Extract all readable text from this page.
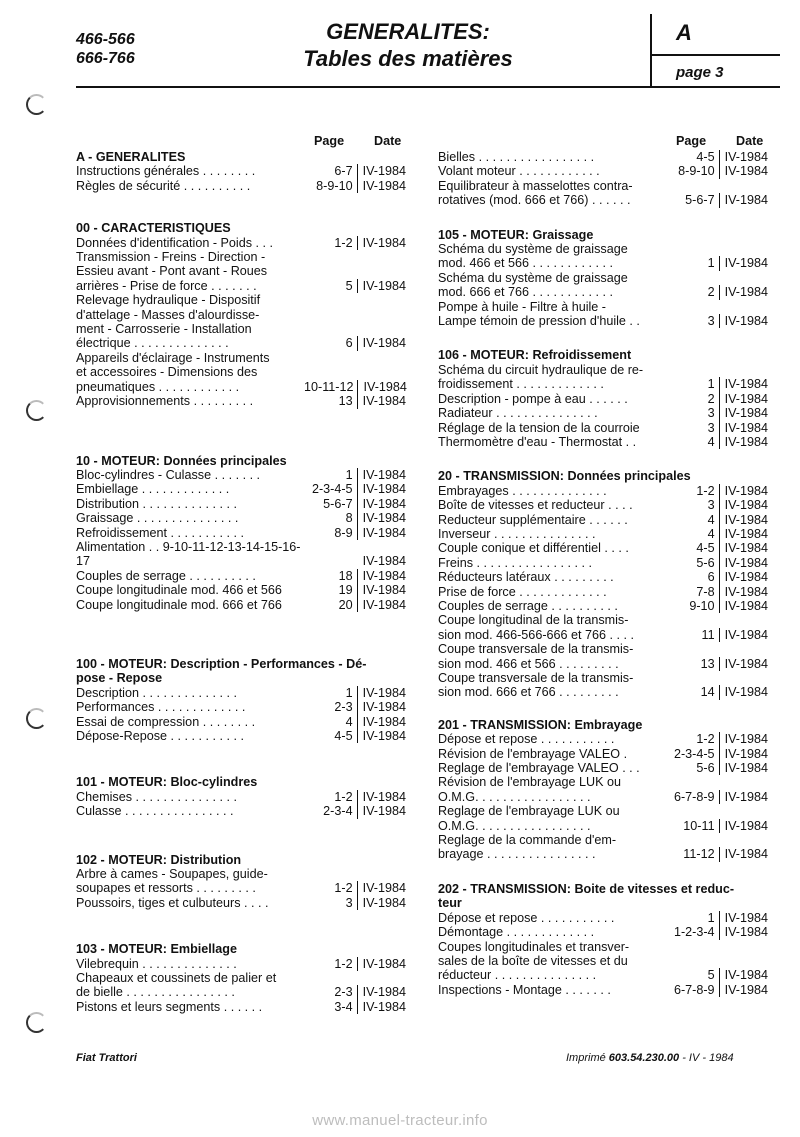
466-566
666-766
GENERALITES:
Tables des matières
A
page 3
Page Date
A - GENERALITES
Instructions générales . . . . . . . .	6-7 IV-1984
Règles de sécurité . . . . . . . . . .	8-9-10 IV-1984
00 - CARACTERISTIQUES
Données d'identification - Poids . . .	1-2 IV-1984
Transmission - Freins - Direction -
Essieu avant - Pont avant - Roues
arrières - Prise de force . . . . . . .	5 IV-1984
Relevage hydraulique - Dispositif
d'attelage - Masses d'alourdisse-
ment - Carrosserie - Installation
électrique . . . . . . . . . . . . . .	6 IV-1984
Appareils d'éclairage - Instruments
et accessoires - Dimensions des
pneumatiques . . . . . . . . . . . .	10-11-12 IV-1984
Approvisionnements . . . . . . . . .	13 IV-1984
10 - MOTEUR: Données principales
Bloc-cylindres - Culasse . . . . . . .	1 IV-1984
Embiellage . . . . . . . . . . . . .	2-3-4-5 IV-1984
Distribution . . . . . . . . . . . . . .	5-6-7 IV-1984
Graissage . . . . . . . . . . . . . . .	8 IV-1984
Refroidissement . . . . . . . . . . .	8-9 IV-1984
Alimentation . . 9-10-11-12-13-14-15-16-17	IV-1984
Couples de serrage . . . . . . . . . .	18 IV-1984
Coupe longitudinale mod. 466 et 566	19 IV-1984
Coupe longitudinale mod. 666 et 766	20 IV-1984
100 - MOTEUR: Description - Performances - Dé-
pose - Repose
Description . . . . . . . . . . . . . .	1 IV-1984
Performances . . . . . . . . . . . . .	2-3 IV-1984
Essai de compression . . . . . . . .	4 IV-1984
Dépose-Repose . . . . . . . . . . .	4-5 IV-1984
101 - MOTEUR: Bloc-cylindres
Chemises . . . . . . . . . . . . . . .	1-2 IV-1984
Culasse . . . . . . . . . . . . . . . .	2-3-4 IV-1984
102 - MOTEUR: Distribution
Arbre à cames - Soupapes, guide-
soupapes et ressorts . . . . . . . . .	1-2 IV-1984
Poussoirs, tiges et culbuteurs . . . .	3 IV-1984
103 - MOTEUR: Embiellage
Vilebrequin . . . . . . . . . . . . . .	1-2 IV-1984
Chapeaux et coussinets de palier et
de bielle . . . . . . . . . . . . . . . .	2-3 IV-1984
Pistons et leurs segments . . . . . .	3-4 IV-1984
Page Date
Bielles . . . . . . . . . . . . . . . . .	4-5 IV-1984
Volant moteur . . . . . . . . . . . .	8-9-10 IV-1984
Equilibrateur à masselottes contra-
rotatives (mod. 666 et 766) . . . . . .	5-6-7 IV-1984
105 - MOTEUR: Graissage
Schéma du système de graissage
mod. 466 et 566 . . . . . . . . . . . .	1 IV-1984
Schéma du système de graissage
mod. 666 et 766 . . . . . . . . . . . .	2 IV-1984
Pompe à huile - Filtre à huile -
Lampe témoin de pression d'huile . .	3 IV-1984
106 - MOTEUR: Refroidissement
Schéma du circuit hydraulique de re-
froidissement . . . . . . . . . . . . .	1 IV-1984
Description - pompe à eau . . . . . .	2 IV-1984
Radiateur . . . . . . . . . . . . . . .	3 IV-1984
Réglage de la tension de la courroie	3 IV-1984
Thermomètre d'eau - Thermostat . .	4 IV-1984
20 - TRANSMISSION: Données principales
Embrayages . . . . . . . . . . . . . .	1-2 IV-1984
Boîte de vitesses et reducteur . . . .	3 IV-1984
Reducteur supplémentaire . . . . . .	4 IV-1984
Inverseur . . . . . . . . . . . . . . .	4 IV-1984
Couple conique et différentiel . . . .	4-5 IV-1984
Freins . . . . . . . . . . . . . . . . .	5-6 IV-1984
Réducteurs latéraux . . . . . . . . .	6 IV-1984
Prise de force . . . . . . . . . . . . .	7-8 IV-1984
Couples de serrage . . . . . . . . . .	9-10 IV-1984
Coupe longitudinal de la transmis-
sion mod. 466-566-666 et 766 . . . .	11 IV-1984
Coupe transversale de la transmis-
sion mod. 466 et 566 . . . . . . . . .	13 IV-1984
Coupe transversale de la transmis-
sion mod. 666 et 766 . . . . . . . . .	14 IV-1984
201 - TRANSMISSION: Embrayage
Dépose et repose . . . . . . . . . . .	1-2 IV-1984
Révision de l'embrayage VALEO .	2-3-4-5 IV-1984
Reglage de l'embrayage VALEO . . .	5-6 IV-1984
Révision de l'embrayage LUK ou
O.M.G. . . . . . . . . . . . . . . . .	6-7-8-9 IV-1984
Reglage de l'embrayage LUK ou
O.M.G. . . . . . . . . . . . . . . . .	10-11 IV-1984
Reglage de la commande d'em-
brayage . . . . . . . . . . . . . . . .	11-12 IV-1984
202 - TRANSMISSION: Boite de vitesses et reduc-
teur
Dépose et repose . . . . . . . . . . .	1 IV-1984
Démontage . . . . . . . . . . . . .	1-2-3-4 IV-1984
Coupes longitudinales et transver-
sales de la boîte de vitesses et du
réducteur . . . . . . . . . . . . . . .	5 IV-1984
Inspections - Montage . . . . . . .	6-7-8-9 IV-1984
Fiat Trattori	Imprimé 603.54.230.00 - IV - 1984
www.manuel-tracteur.info
